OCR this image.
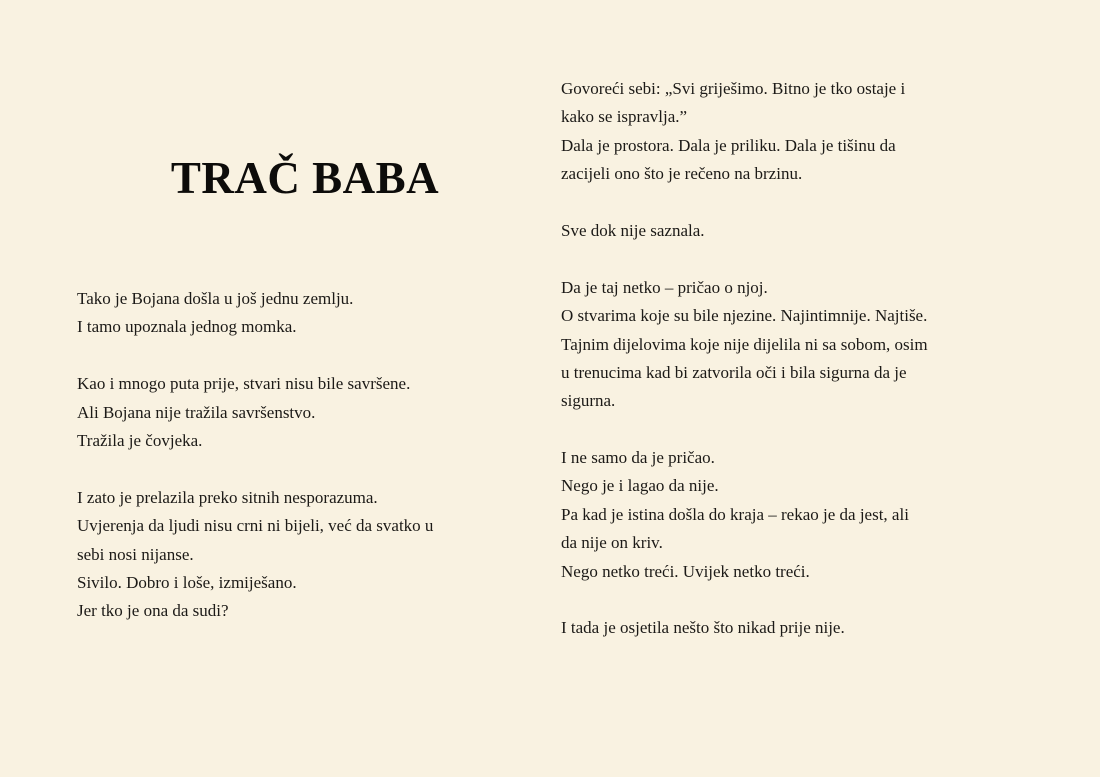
TRAČ BABA
Tako je Bojana došla u još jednu zemlju.
I tamo upoznala jednog momka.
Kao i mnogo puta prije, stvari nisu bile savršene.
Ali Bojana nije tražila savršenstvo.
Tražila je čovjeka.
I zato je prelazila preko sitnih nesporazuma.
Uvjerenja da ljudi nisu crni ni bijeli, već da svatko u
sebi nosi nijanse.
Sivilo. Dobro i loše, izmiješano.
Jer tko je ona da sudi?
Govoreći sebi: „Svi griješimo. Bitno je tko ostaje i
kako se ispravlja.”
Dala je prostora. Dala je priliku. Dala je tišinu da
zacijeli ono što je rečeno na brzinu.
Sve dok nije saznala.
Da je taj netko – pričao o njoj.
O stvarima koje su bile njezine. Najintimnije. Najtiše.
Tajnim dijelovima koje nije dijelila ni sa sobom, osim
u trenucima kad bi zatvorila oči i bila sigurna da je
sigurna.
I ne samo da je pričao.
Nego je i lagao da nije.
Pa kad je istina došla do kraja – rekao je da jest, ali
da nije on kriv.
Nego netko treći. Uvijek netko treći.
I tada je osjetila nešto što nikad prije nije.
